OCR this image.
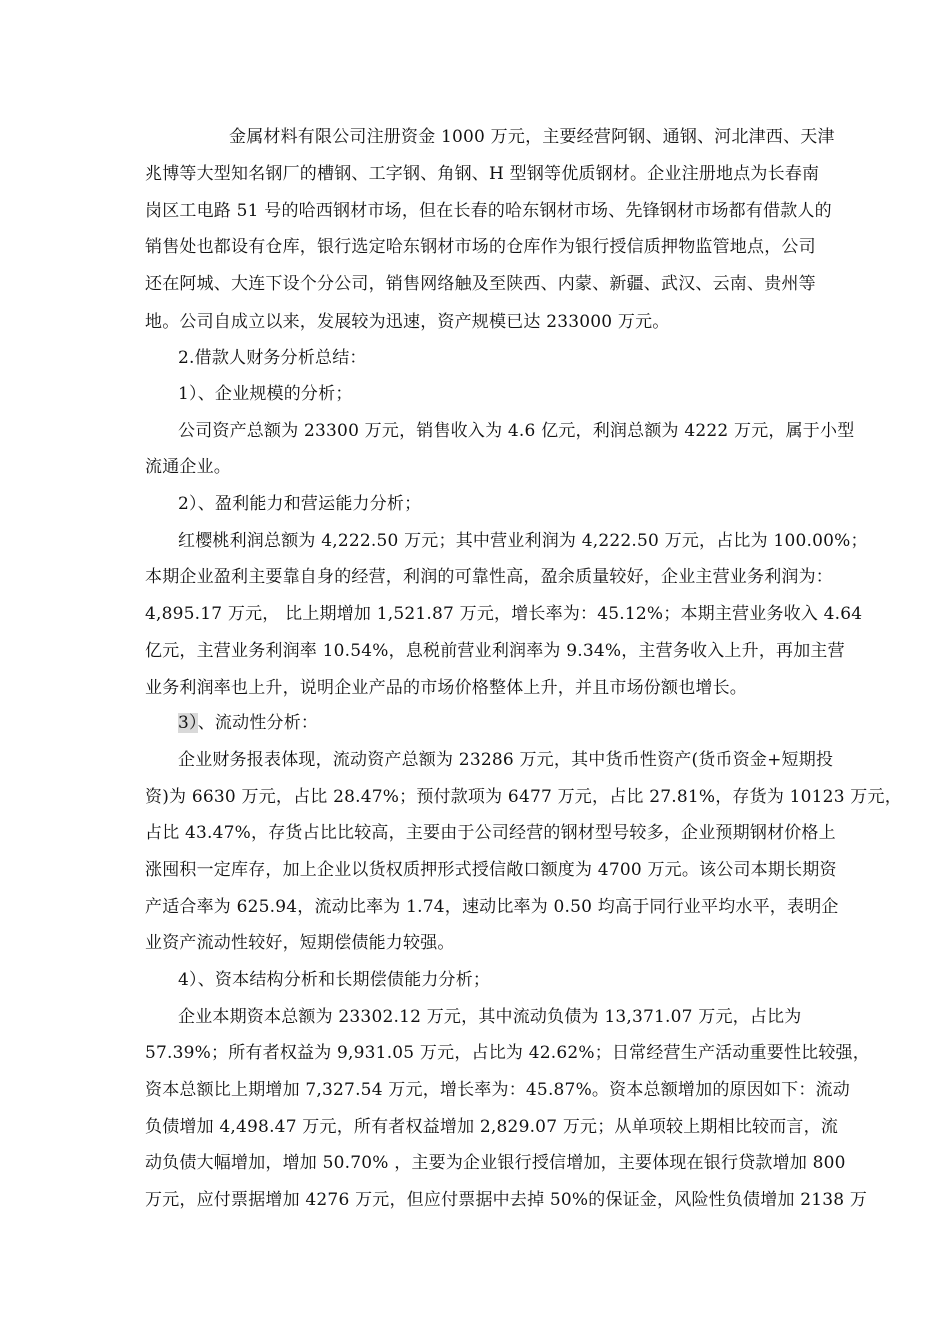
金属材料有限公司注册资金 1000 万元，主要经营阿钢、通钢、河北津西、天津
兆博等大型知名钢厂的槽钢、工字钢、角钢、H 型钢等优质钢材。企业注册地点为长春南
岗区工电路 51 号的哈西钢材市场，但在长春的哈东钢材市场、先锋钢材市场都有借款人的
销售处也都设有仓库，银行选定哈东钢材市场的仓库作为银行授信质押物监管地点，公司
还在阿城、大连下设个分公司，销售网络触及至陕西、内蒙、新疆、武汉、云南、贵州等
地。公司自成立以来，发展较为迅速，资产规模已达 233000 万元。
2.借款人财务分析总结：
1）、企业规模的分析；
公司资产总额为 23300 万元，销售收入为 4.6 亿元，利润总额为 4222 万元，属于小型
流通企业。
2）、盈利能力和营运能力分析；
红樱桃利润总额为 4,222.50 万元；其中营业利润为 4,222.50 万元，占比为 100.00%；
本期企业盈利主要靠自身的经营，利润的可靠性高，盈余质量较好，企业主营业务利润为：
4,895.17 万元， 比上期增加 1,521.87 万元，增长率为：45.12%；本期主营业务收入 4.64
亿元，主营业务利润率 10.54%，息税前营业利润率为 9.34%，主营务收入上升，再加主营
业务利润率也上升，说明企业产品的市场价格整体上升，并且市场份额也增长。
3）、流动性分析：
企业财务报表体现，流动资产总额为 23286 万元，其中货币性资产(货币资金+短期投
资)为 6630 万元，占比 28.47%；预付款项为 6477 万元，占比 27.81%，存货为 10123 万元，
占比 43.47%，存货占比比较高，主要由于公司经营的钢材型号较多，企业预期钢材价格上
涨囤积一定库存，加上企业以货权质押形式授信敞口额度为 4700 万元。该公司本期长期资
产适合率为 625.94，流动比率为 1.74，速动比率为 0.50 均高于同行业平均水平，表明企
业资产流动性较好，短期偿债能力较强。
4）、资本结构分析和长期偿债能力分析；
企业本期资本总额为 23302.12 万元，其中流动负债为 13,371.07 万元，占比为
57.39%；所有者权益为 9,931.05 万元，占比为 42.62%；日常经营生产活动重要性比较强，
资本总额比上期增加 7,327.54 万元，增长率为：45.87%。资本总额增加的原因如下：流动
负债增加 4,498.47 万元，所有者权益增加 2,829.07 万元；从单项较上期相比较而言，流
动负债大幅增加，增加 50.70% ，主要为企业银行授信增加，主要体现在银行贷款增加 800
万元，应付票据增加 4276 万元，但应付票据中去掉 50%的保证金，风险性负债增加 2138 万
